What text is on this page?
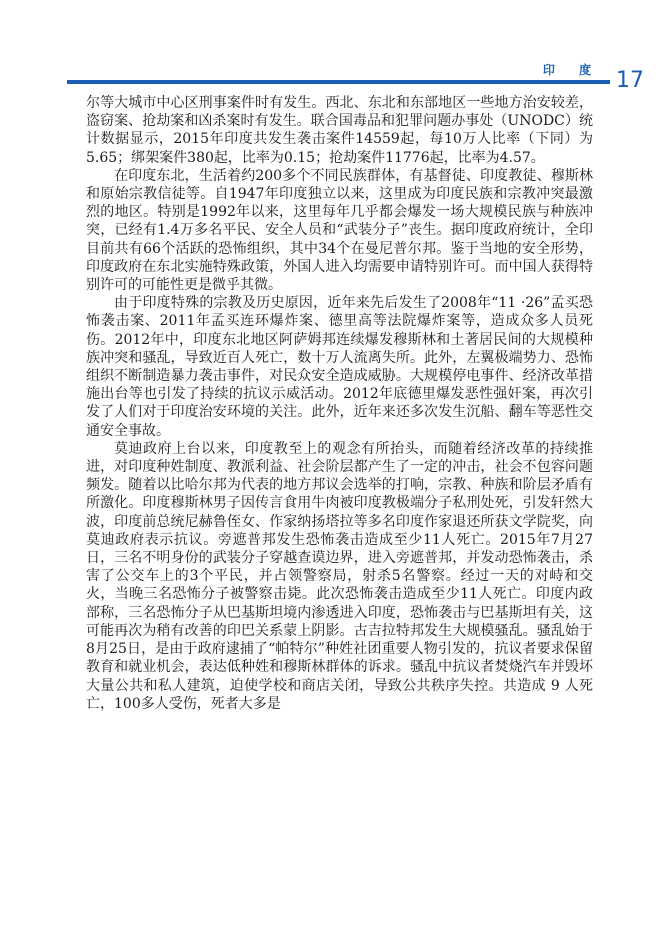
印 度 17

尔等大城市中心区刑事案件时有发生。西北、东北和东部地区一些地方治安较差，盗窃案、抢劫案和凶杀案时有发生。联合国毒品和犯罪问题办事处（UNODC）统计数据显示，2015年印度共发生袭击案件14559起，每10万人比率（下同）为5.65；绑架案件380起，比率为0.15；抢劫案件11776起，比率为4.57。

在印度东北，生活着约200多个不同民族群体，有基督徒、印度教徒、穆斯林和原始宗教信徒等。自1947年印度独立以来，这里成为印度民族和宗教冲突最激烈的地区。特别是1992年以来，这里每年几乎都会爆发一场大规模民族与种族冲突，已经有1.4万多名平民、安全人员和“武装分子”丧生。据印度政府统计，全印目前共有66个活跃的恐怖组织，其中34个在曼尼普尔邦。鉴于当地的安全形势，印度政府在东北实施特殊政策，外国人进入均需要申请特别许可。而中国人获得特别许可的可能性更是微乎其微。

由于印度特殊的宗教及历史原因，近年来先后发生了2008年“11 ·26”孟买恐怖袭击案、2011年孟买连环爆炸案、德里高等法院爆炸案等，造成众多人员死伤。2012年中，印度东北地区阿萨姆邦连续爆发穆斯林和土著居民间的大规模种族冲突和骚乱，导致近百人死亡，数十万人流离失所。此外，左翼极端势力、恐怖组织不断制造暴力袭击事件，对民众安全造成威胁。大规模停电事件、经济改革措施出台等也引发了持续的抗议示威活动。2012年底德里爆发恶性强奸案，再次引发了人们对于印度治安环境的关注。此外，近年来还多次发生沉船、翻车等恶性交通安全事故。

莫迪政府上台以来，印度教至上的观念有所抬头，而随着经济改革的持续推进，对印度种姓制度、教派利益、社会阶层都产生了一定的冲击，社会不包容问题频发。随着以比哈尔邦为代表的地方邦议会选举的打响，宗教、种族和阶层矛盾有所激化。印度穆斯林男子因传言食用牛肉被印度教极端分子私刑处死，引发轩然大波，印度前总统尼赫鲁侄女、作家纳扬塔拉等多名印度作家退还所获文学院奖，向莫迪政府表示抗议。旁遮普邦发生恐怖袭击造成至少11人死亡。2015年7月27日，三名不明身份的武装分子穿越查谟边界，进入旁遮普邦，并发动恐怖袭击，杀害了公交车上的3个平民，并占领警察局，射杀5名警察。经过一天的对峙和交火，当晚三名恐怖分子被警察击毙。此次恐怖袭击造成至少11人死亡。印度内政部称，三名恐怖分子从巴基斯坦境内渗透进入印度，恐怖袭击与巴基斯坦有关，这可能再次为稍有改善的印巴关系蒙上阴影。古吉拉特邦发生大规模骚乱。骚乱始于8月25日，是由于政府逮捕了“帕特尔”种姓社团重要人物引发的，抗议者要求保留教育和就业机会，表达低种姓和穆斯林群体的诉求。骚乱中抗议者焚烧汽车并毁坏大量公共和私人建筑，迫使学校和商店关闭，导致公共秩序失控。共造成 9 人死亡，100多人受伤，死者大多是
